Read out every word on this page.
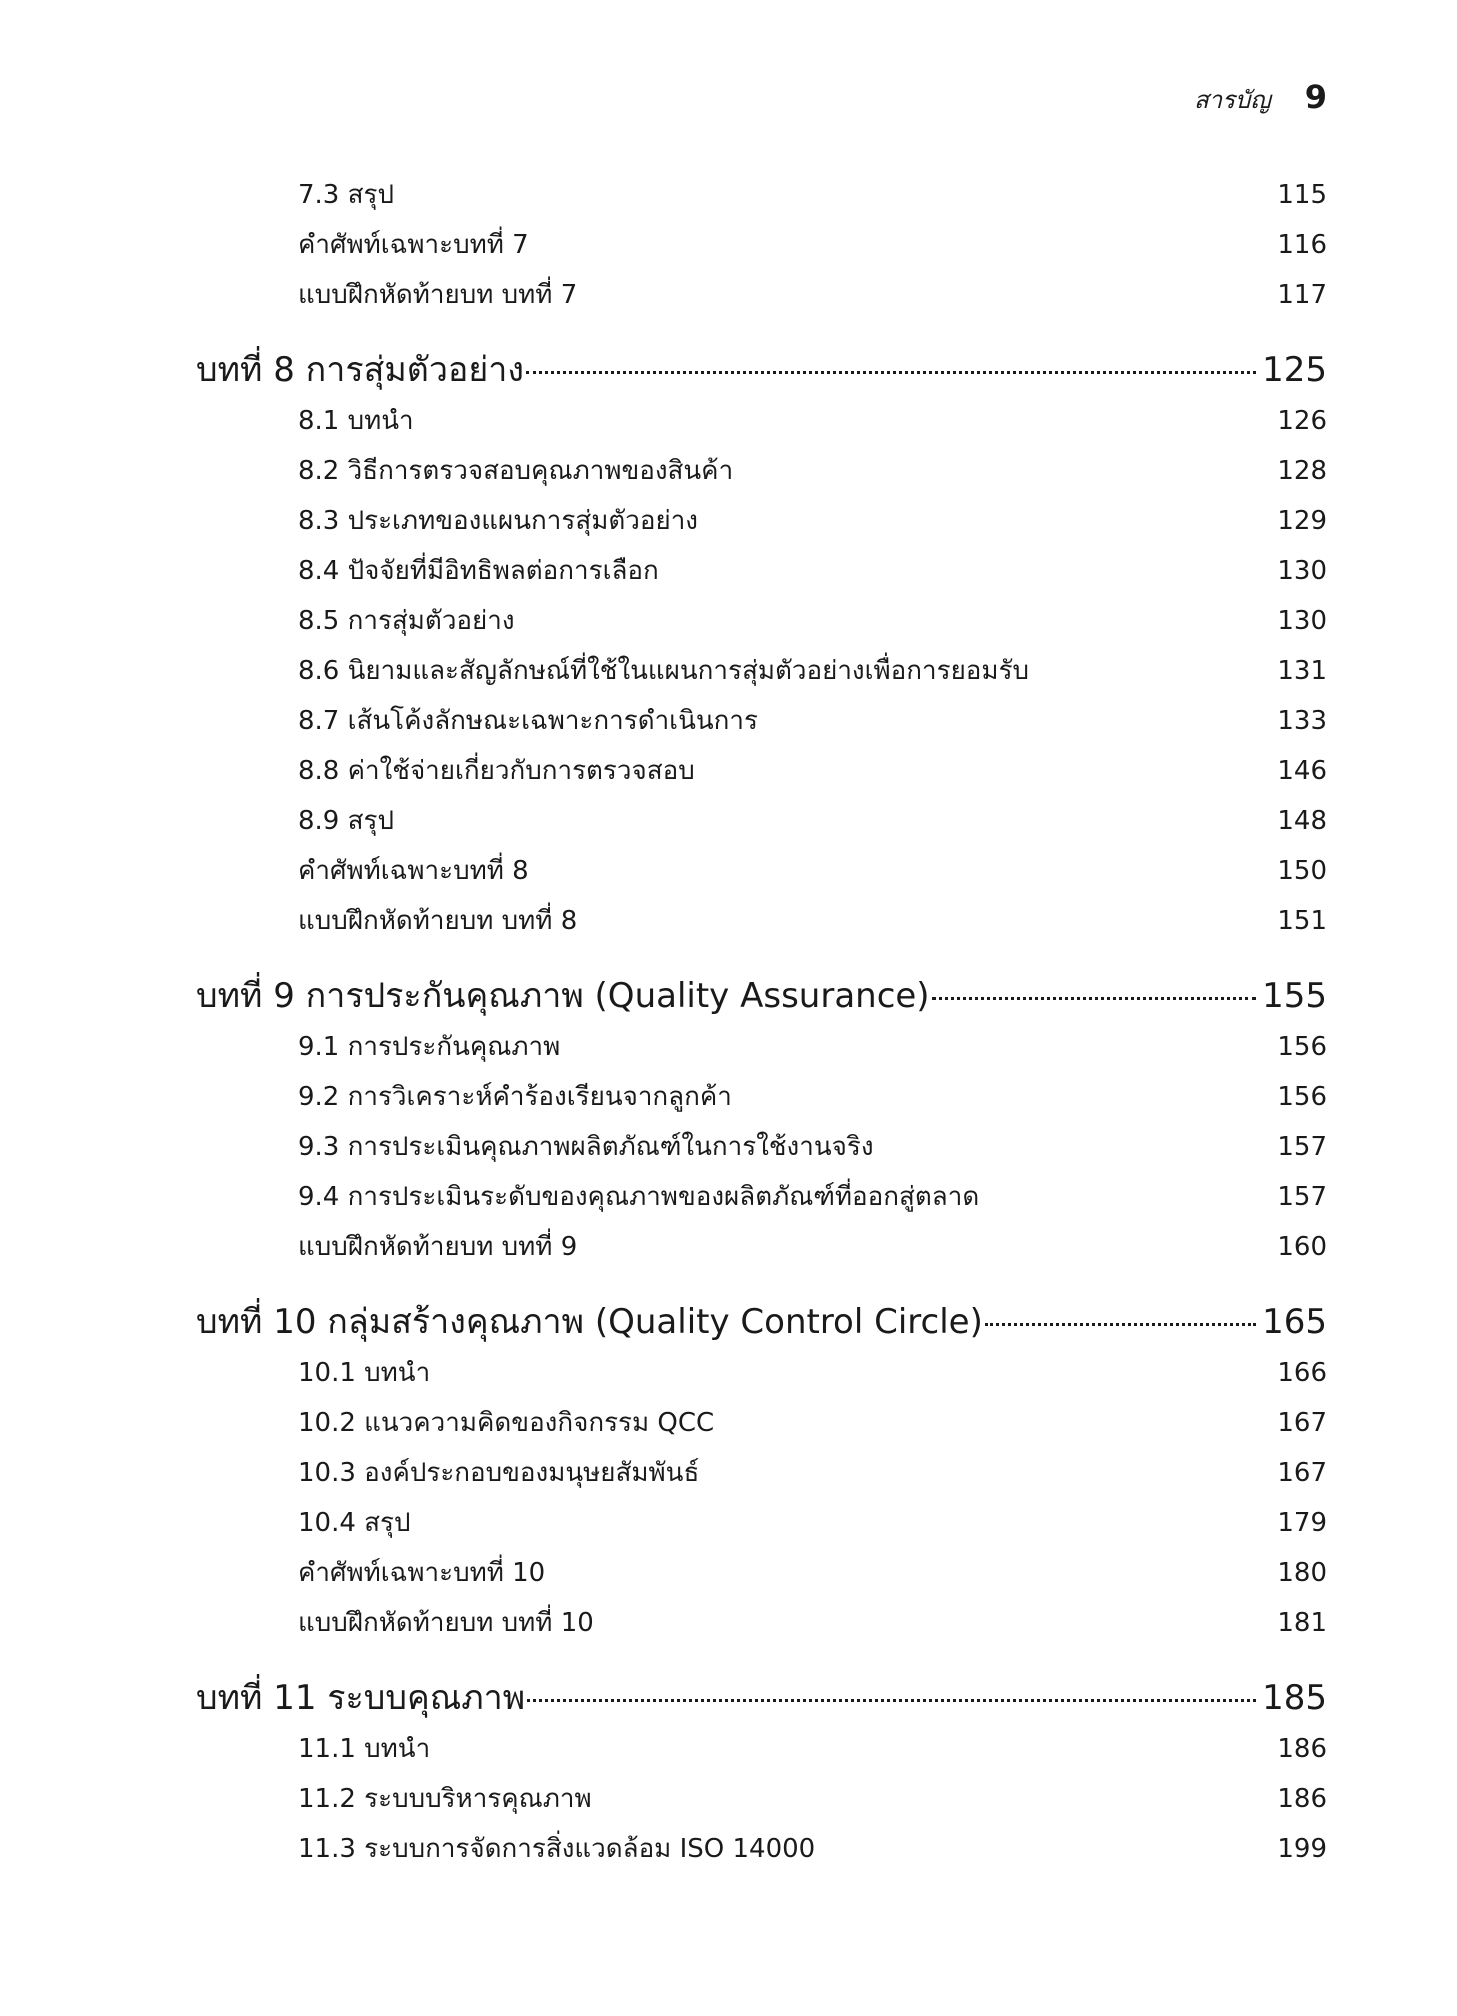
สารบัญ 9
7.3 สรุป	115
คำศัพท์เฉพาะบทที่ 7	116
แบบฝึกหัดท้ายบท บทที่ 7	117
บทที่ 8 การสุ่มตัวอย่าง	125
8.1 บทนำ	126
8.2 วิธีการตรวจสอบคุณภาพของสินค้า	128
8.3 ประเภทของแผนการสุ่มตัวอย่าง	129
8.4 ปัจจัยที่มีอิทธิพลต่อการเลือก	130
8.5 การสุ่มตัวอย่าง	130
8.6 นิยามและสัญลักษณ์ที่ใช้ในแผนการสุ่มตัวอย่างเพื่อการยอมรับ	131
8.7 เส้นโค้งลักษณะเฉพาะการดำเนินการ	133
8.8 ค่าใช้จ่ายเกี่ยวกับการตรวจสอบ	146
8.9 สรุป	148
คำศัพท์เฉพาะบทที่ 8	150
แบบฝึกหัดท้ายบท บทที่ 8	151
บทที่ 9 การประกันคุณภาพ (Quality Assurance)	155
9.1 การประกันคุณภาพ	156
9.2 การวิเคราะห์คำร้องเรียนจากลูกค้า	156
9.3 การประเมินคุณภาพผลิตภัณฑ์ในการใช้งานจริง	157
9.4 การประเมินระดับของคุณภาพของผลิตภัณฑ์ที่ออกสู่ตลาด	157
แบบฝึกหัดท้ายบท บทที่ 9	160
บทที่ 10 กลุ่มสร้างคุณภาพ (Quality Control Circle)	165
10.1 บทนำ	166
10.2 แนวความคิดของกิจกรรม QCC	167
10.3 องค์ประกอบของมนุษยสัมพันธ์	167
10.4 สรุป	179
คำศัพท์เฉพาะบทที่ 10	180
แบบฝึกหัดท้ายบท บทที่ 10	181
บทที่ 11 ระบบคุณภาพ	185
11.1 บทนำ	186
11.2 ระบบบริหารคุณภาพ	186
11.3 ระบบการจัดการสิ่งแวดล้อม ISO 14000	199
